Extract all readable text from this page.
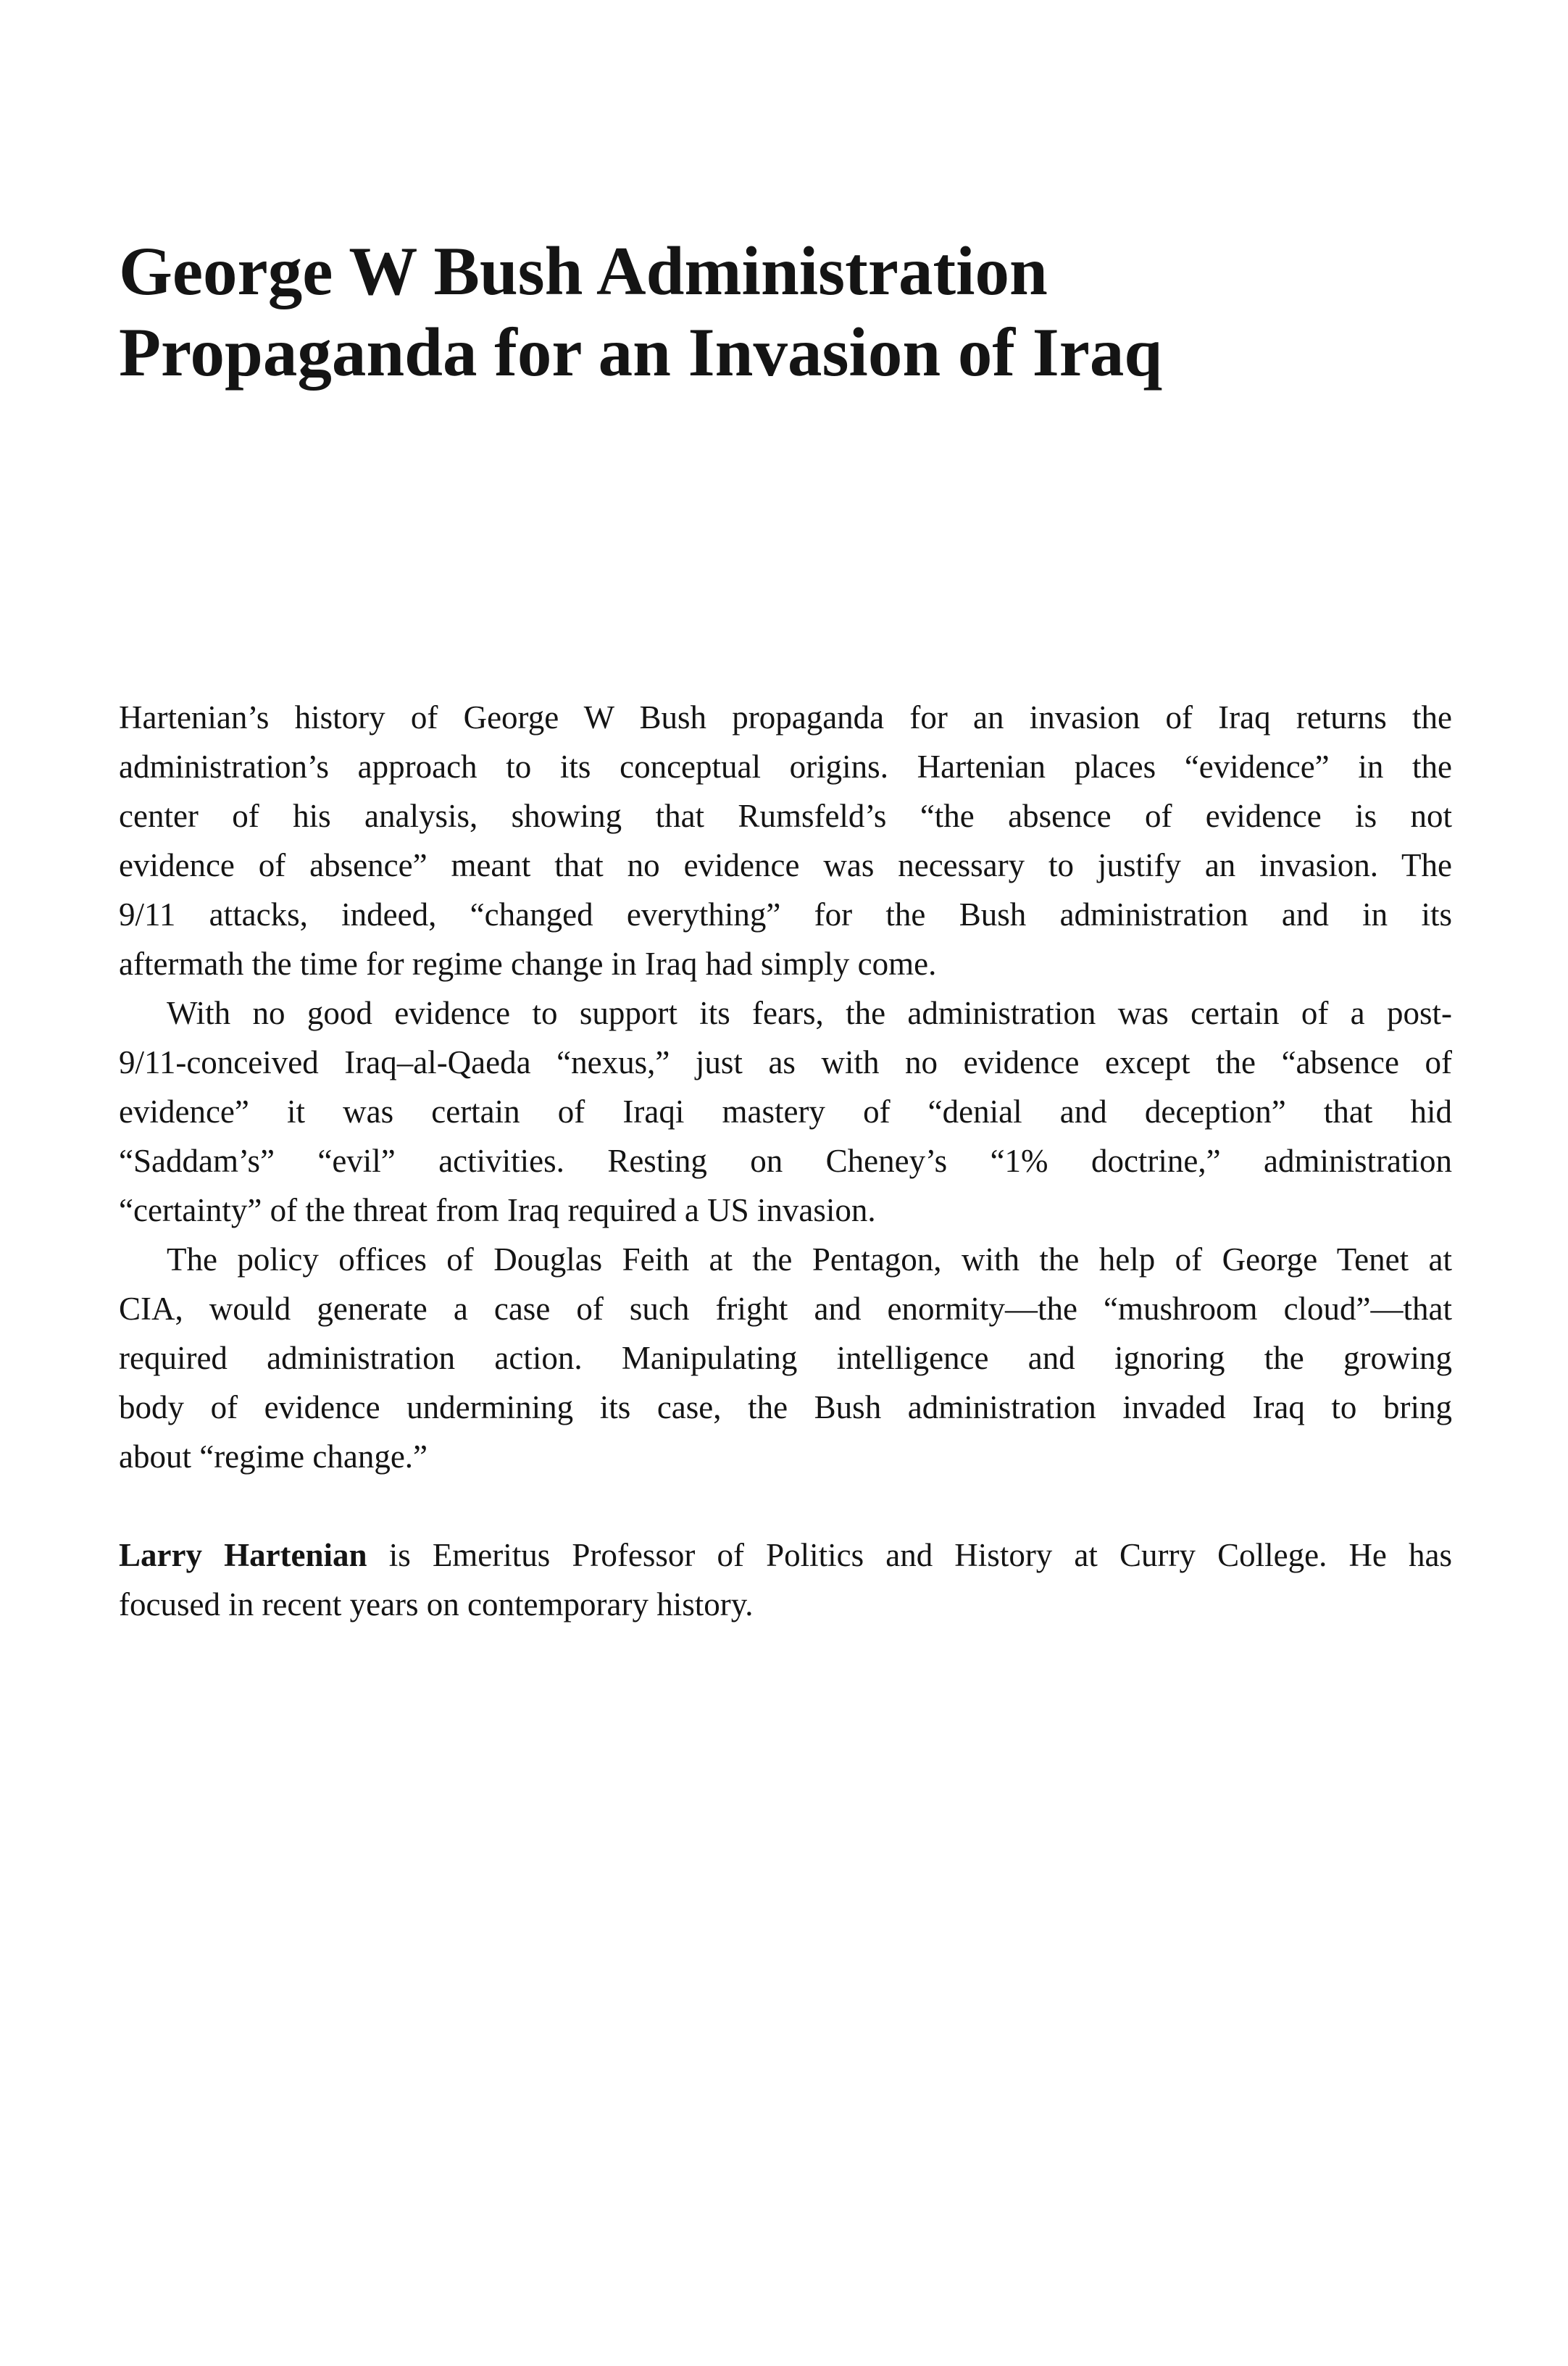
George W Bush Administration
Propaganda for an Invasion of Iraq
Hartenian’s history of George W Bush propaganda for an invasion of Iraq returns the
administration’s approach to its conceptual origins. Hartenian places “evidence” in the
center of his analysis, showing that Rumsfeld’s “the absence of evidence is not
evidence of absence” meant that no evidence was necessary to justify an invasion. The
9/11 attacks, indeed, “changed everything” for the Bush administration and in its
aftermath the time for regime change in Iraq had simply come.
With no good evidence to support its fears, the administration was certain of a post-
9/11-conceived Iraq–al-Qaeda “nexus,” just as with no evidence except the “absence of
evidence” it was certain of Iraqi mastery of “denial and deception” that hid
“Saddam’s” “evil” activities. Resting on Cheney’s “1% doctrine,” administration
“certainty” of the threat from Iraq required a US invasion.
The policy offices of Douglas Feith at the Pentagon, with the help of George Tenet at
CIA, would generate a case of such fright and enormity—the “mushroom cloud”—that
required administration action. Manipulating intelligence and ignoring the growing
body of evidence undermining its case, the Bush administration invaded Iraq to bring
about “regime change.”
Larry Hartenian is Emeritus Professor of Politics and History at Curry College. He has
focused in recent years on contemporary history.
